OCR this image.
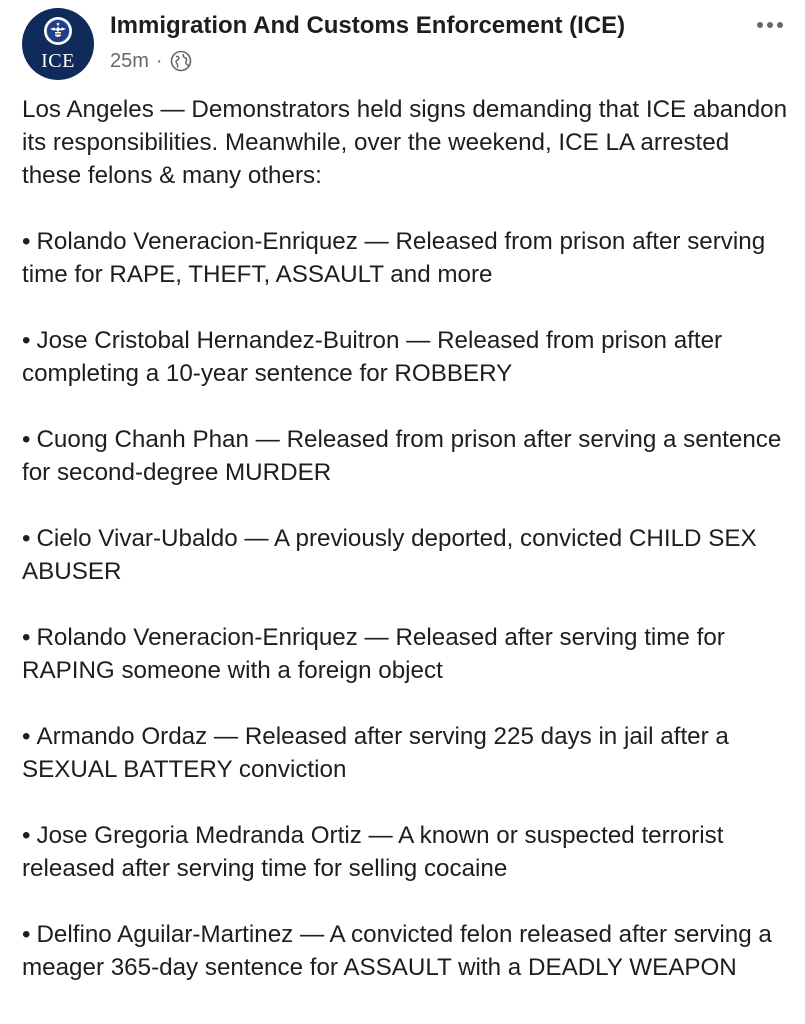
ICE
Immigration And Customs Enforcement (ICE)
25m ·

Los Angeles — Demonstrators held signs demanding that ICE abandon its responsibilities. Meanwhile, over the weekend, ICE LA arrested these felons & many others:

• Rolando Veneracion-Enriquez — Released from prison after serving time for RAPE, THEFT, ASSAULT and more

• Jose Cristobal Hernandez-Buitron — Released from prison after completing a 10-year sentence for ROBBERY

• Cuong Chanh Phan — Released from prison after serving a sentence for second-degree MURDER

• Cielo Vivar-Ubaldo — A previously deported, convicted CHILD SEX ABUSER

• Rolando Veneracion-Enriquez — Released after serving time for RAPING someone with a foreign object

• Armando Ordaz — Released after serving 225 days in jail after a SEXUAL BATTERY conviction

• Jose Gregoria Medranda Ortiz — A known or suspected terrorist released after serving time for selling cocaine

• Delfino Aguilar-Martinez — A convicted felon released after serving a meager 365-day sentence for ASSAULT with a DEADLY WEAPON
